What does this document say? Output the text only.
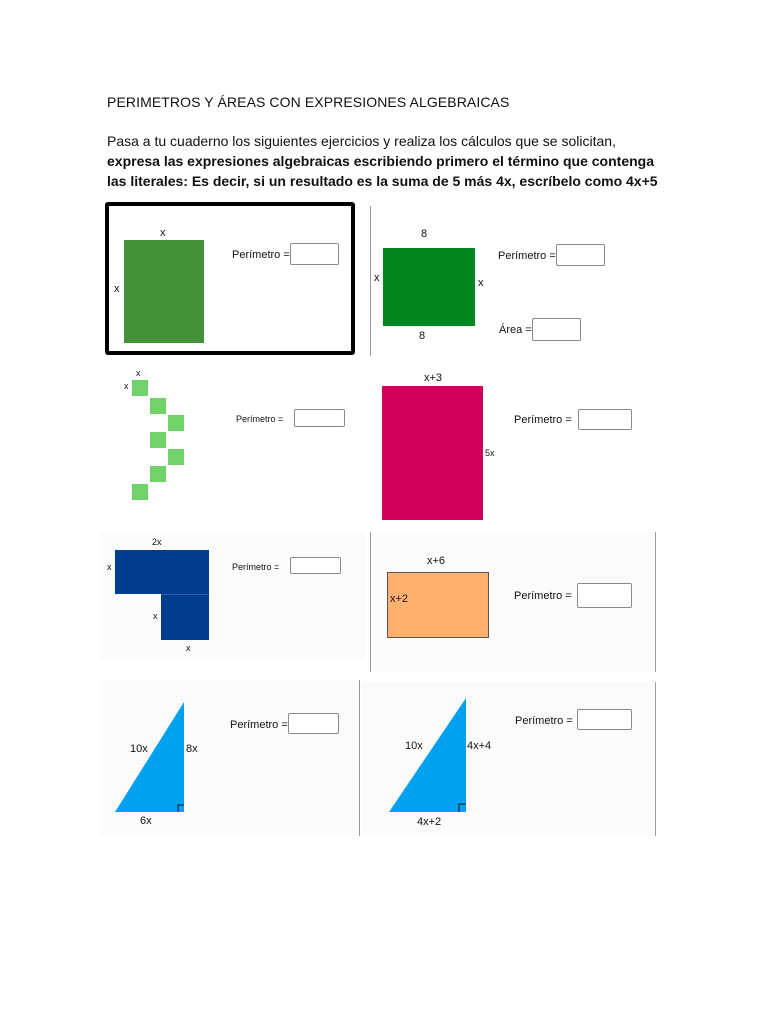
PERIMETROS Y ÁREAS CON EXPRESIONES ALGEBRAICAS
Pasa a tu cuaderno los siguientes ejercicios y realiza los cálculos que se solicitan, expresa las expresiones algebraicas escribiendo primero el término que contenga las literales: Es decir, si un resultado es la suma de 5 más 4x, escríbelo como 4x+5
x
x
Perímetro =
8
8
x	x
Perímetro =
Área =
x
x
Perímetro =
x+3
5x
Perímetro =
2x
x
x
x
Perímetro =	x+6
x+2	Perímetro =
10x	8x
6x
Perímetro =
10x	4x+4
4x+2
Perímetro =
